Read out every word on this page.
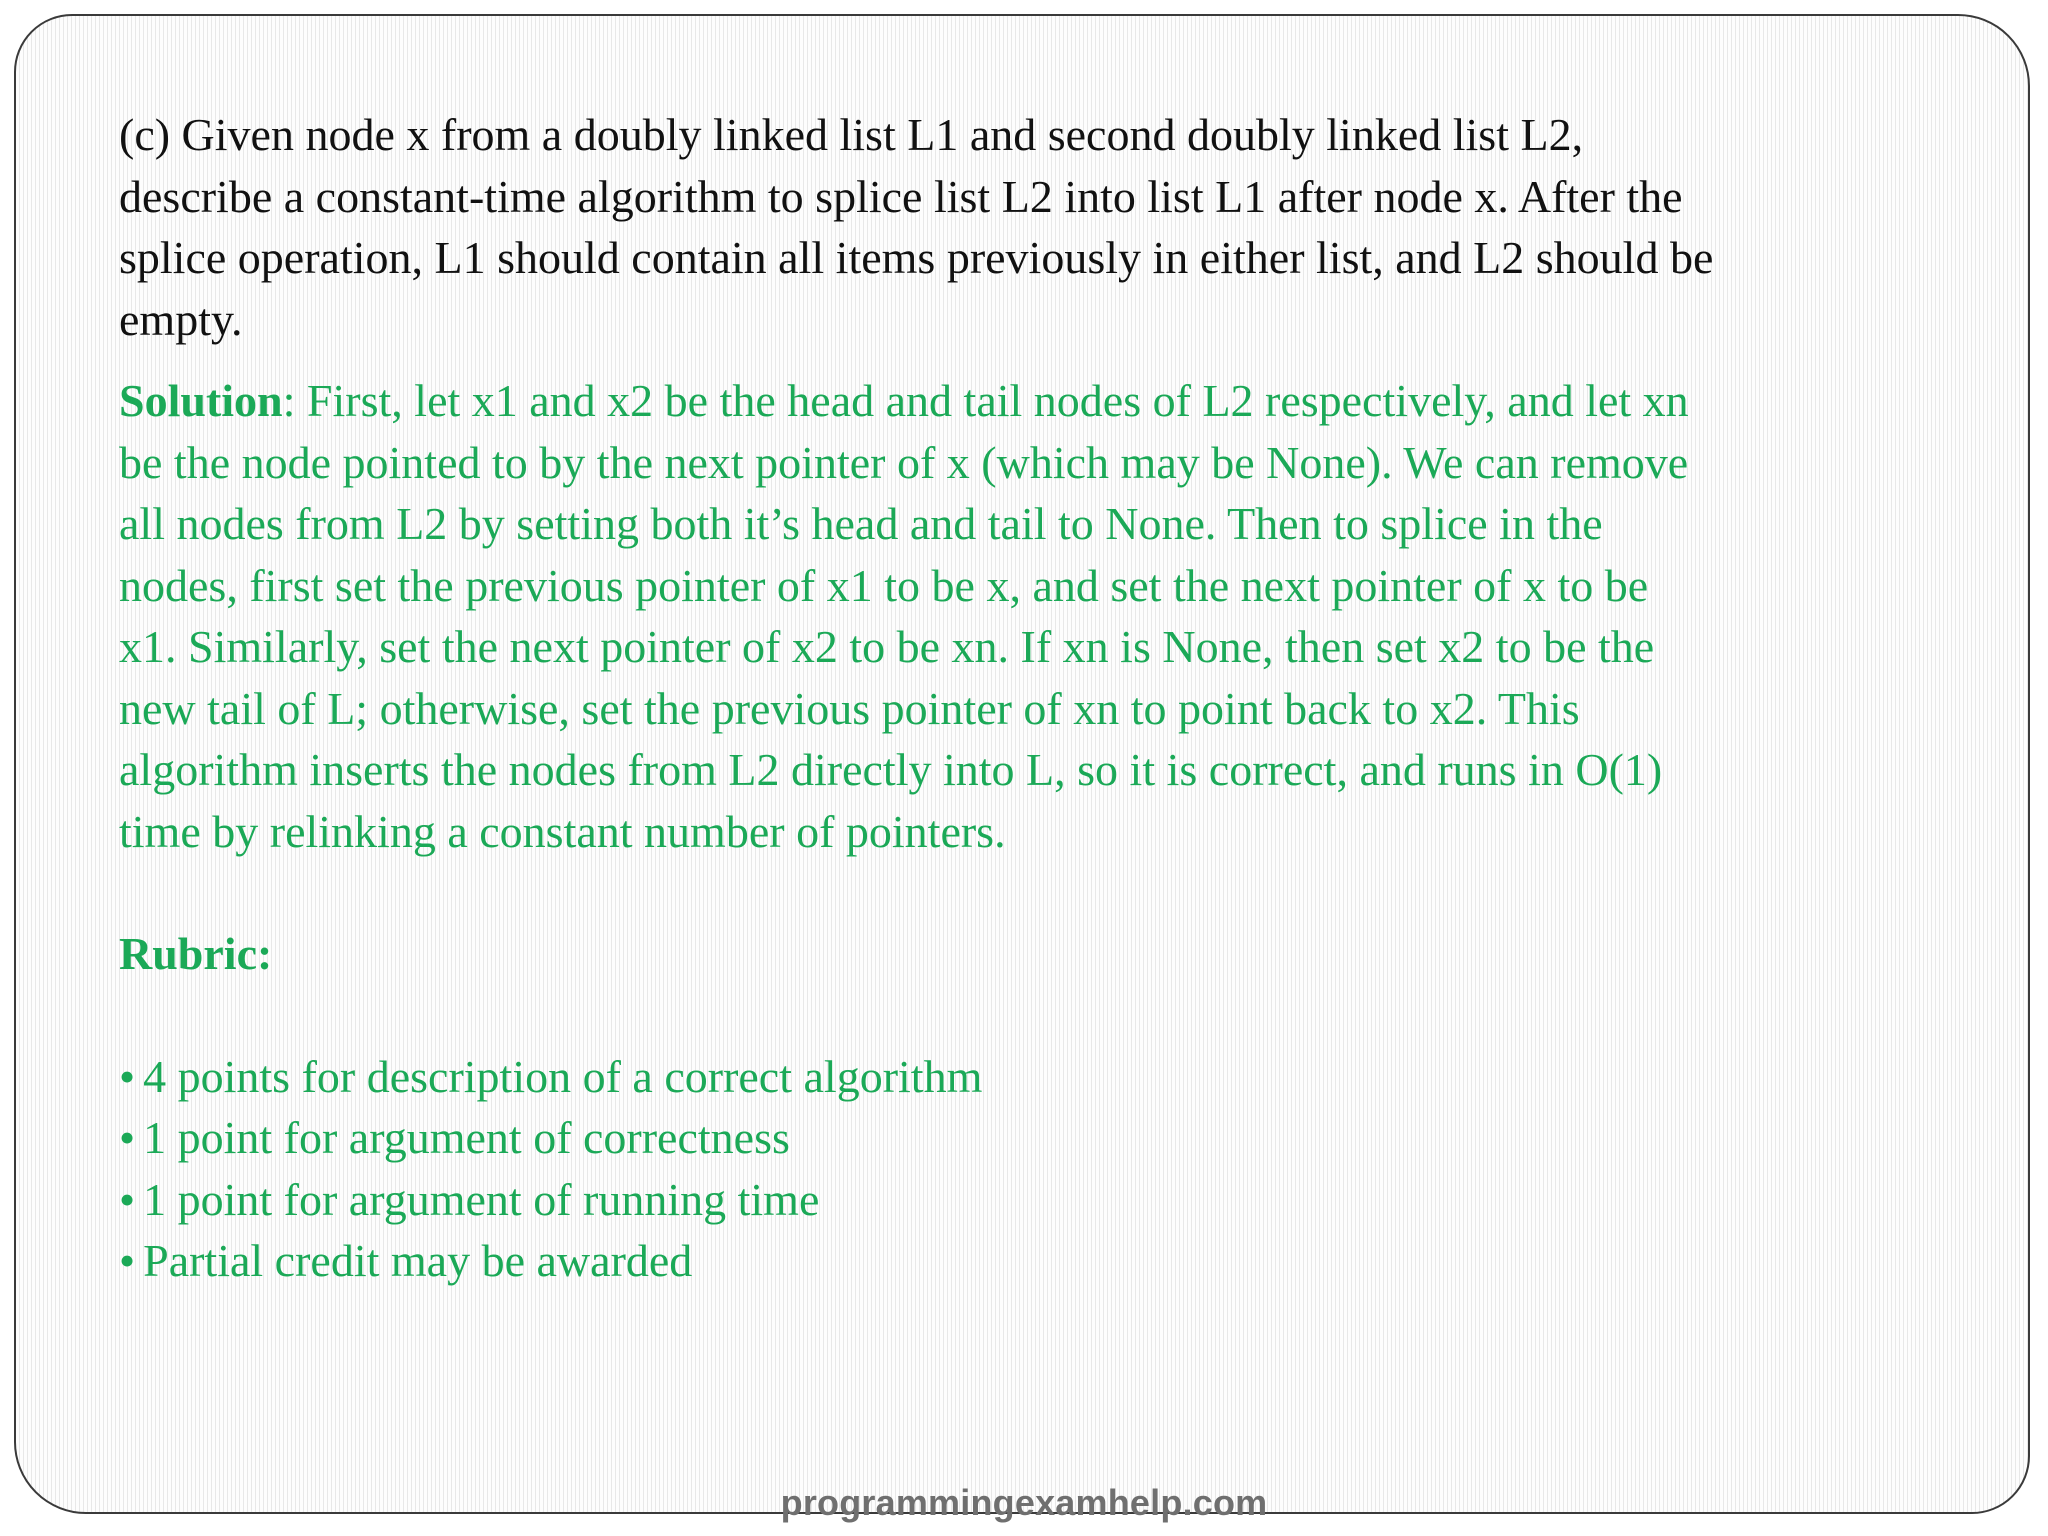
(c) Given node x from a doubly linked list L1 and second doubly linked list L2,
describe a constant-time algorithm to splice list L2 into list L1 after node x. After the
splice operation, L1 should contain all items previously in either list, and L2 should be
empty.

Solution: First, let x1 and x2 be the head and tail nodes of L2 respectively, and let xn
be the node pointed to by the next pointer of x (which may be None). We can remove
all nodes from L2 by setting both it’s head and tail to None. Then to splice in the
nodes, first set the previous pointer of x1 to be x, and set the next pointer of x to be
x1. Similarly, set the next pointer of x2 to be xn. If xn is None, then set x2 to be the
new tail of L; otherwise, set the previous pointer of xn to point back to x2. This
algorithm inserts the nodes from L2 directly into L, so it is correct, and runs in O(1)
time by relinking a constant number of pointers.

Rubric:

• 4 points for description of a correct algorithm
• 1 point for argument of correctness
• 1 point for argument of running time
• Partial credit may be awarded
programmingexamhelp.com
